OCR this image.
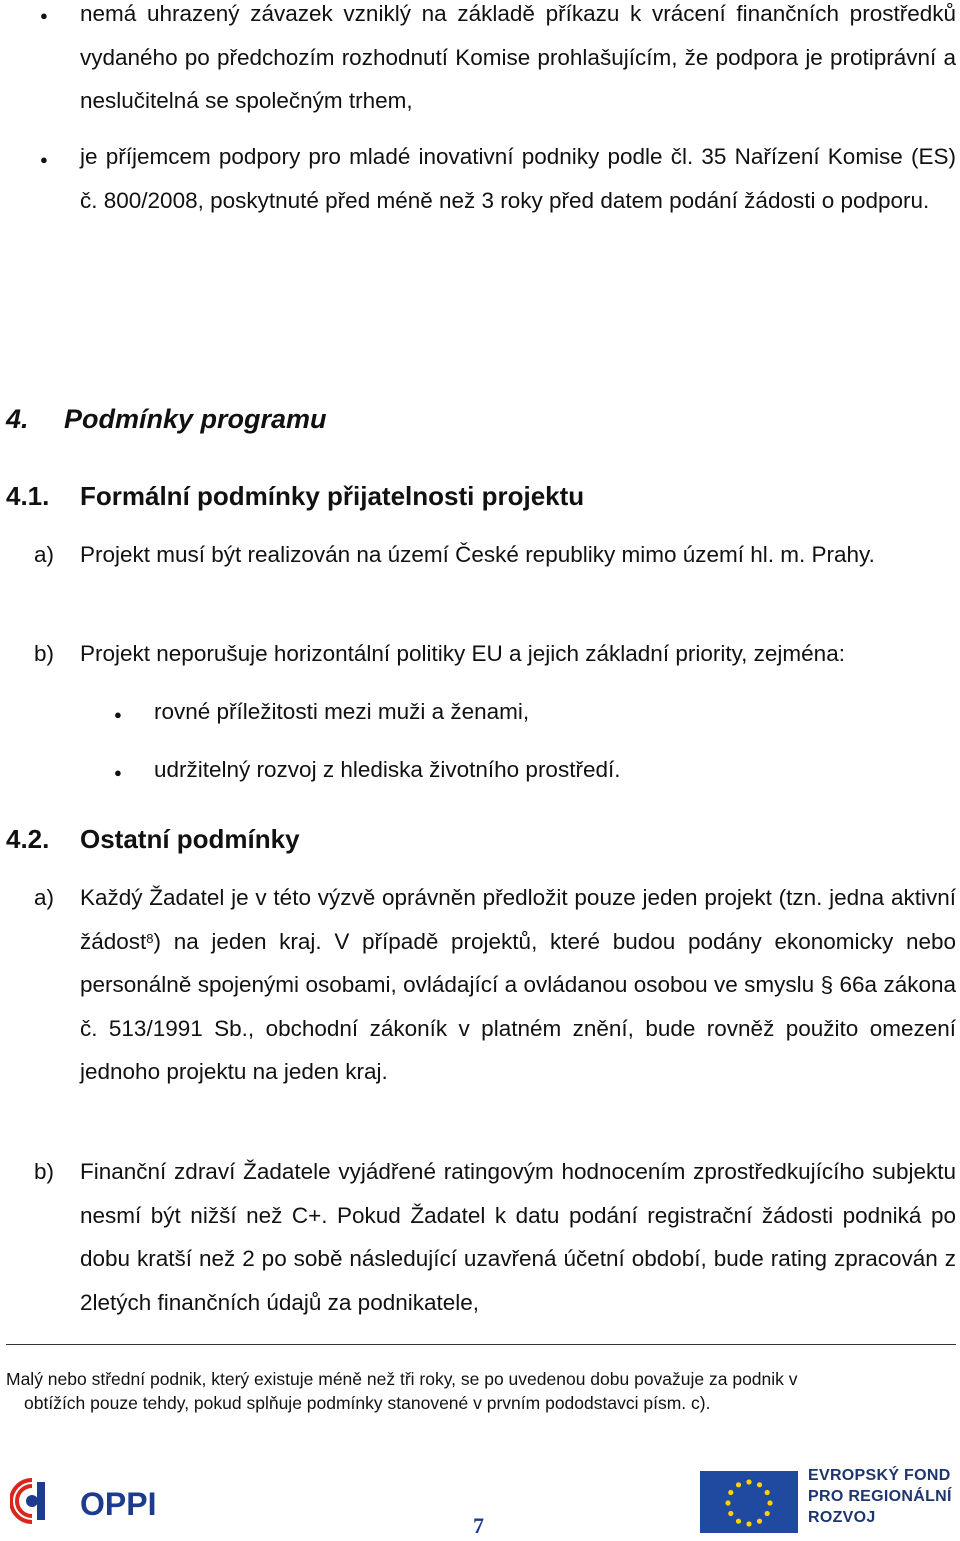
●
nemá uhrazený závazek vzniklý na základě příkazu k vrácení finančních prostředků vydaného po předchozím rozhodnutí Komise prohlašujícím, že podpora je protiprávní a neslučitelná se společným trhem,
●
je příjemcem podpory pro mladé inovativní podniky podle čl. 35 Nařízení Komise (ES) č. 800/2008, poskytnuté před méně než 3 roky před datem podání žádosti o podporu.
4. Podmínky programu
4.1. Formální podmínky přijatelnosti projektu
a) Projekt musí být realizován na území České republiky mimo území hl. m. Prahy.
b) Projekt neporušuje horizontální politiky EU a jejich základní priority, zejména:
●
rovné příležitosti mezi muži a ženami,
●
udržitelný rozvoj z hlediska životního prostředí.
4.2. Ostatní podmínky
a) Každý Žadatel je v této výzvě oprávněn předložit pouze jeden projekt (tzn. jedna aktivní žádost$^8$) na jeden kraj. V případě projektů, které budou podány ekonomicky nebo personálně spojenými osobami, ovládající a ovládanou osobou ve smyslu § 66a zákona č. 513/1991 Sb., obchodní zákoník v platném znění, bude rovněž použito omezení jednoho projektu na jeden kraj.
b) Finanční zdraví Žadatele vyjádřené ratingovým hodnocením zprostředkujícího subjektu nesmí být nižší než C+. Pokud Žadatel k datu podání registrační žádosti podniká po dobu kratší než 2 po sobě následující uzavřená účetní období, bude rating zpracován z 2letých finančních údajů za podnikatele,
Malý nebo střední podnik, který existuje méně než tři roky, se po uvedenou dobu považuje za podnik v
obtížích pouze tehdy, pokud splňuje podmínky stanovené v prvním pododstavci písm. c).
OPPI
7
EVROPSKÝ FOND
PRO REGIONÁLNÍ
ROZVOJ
